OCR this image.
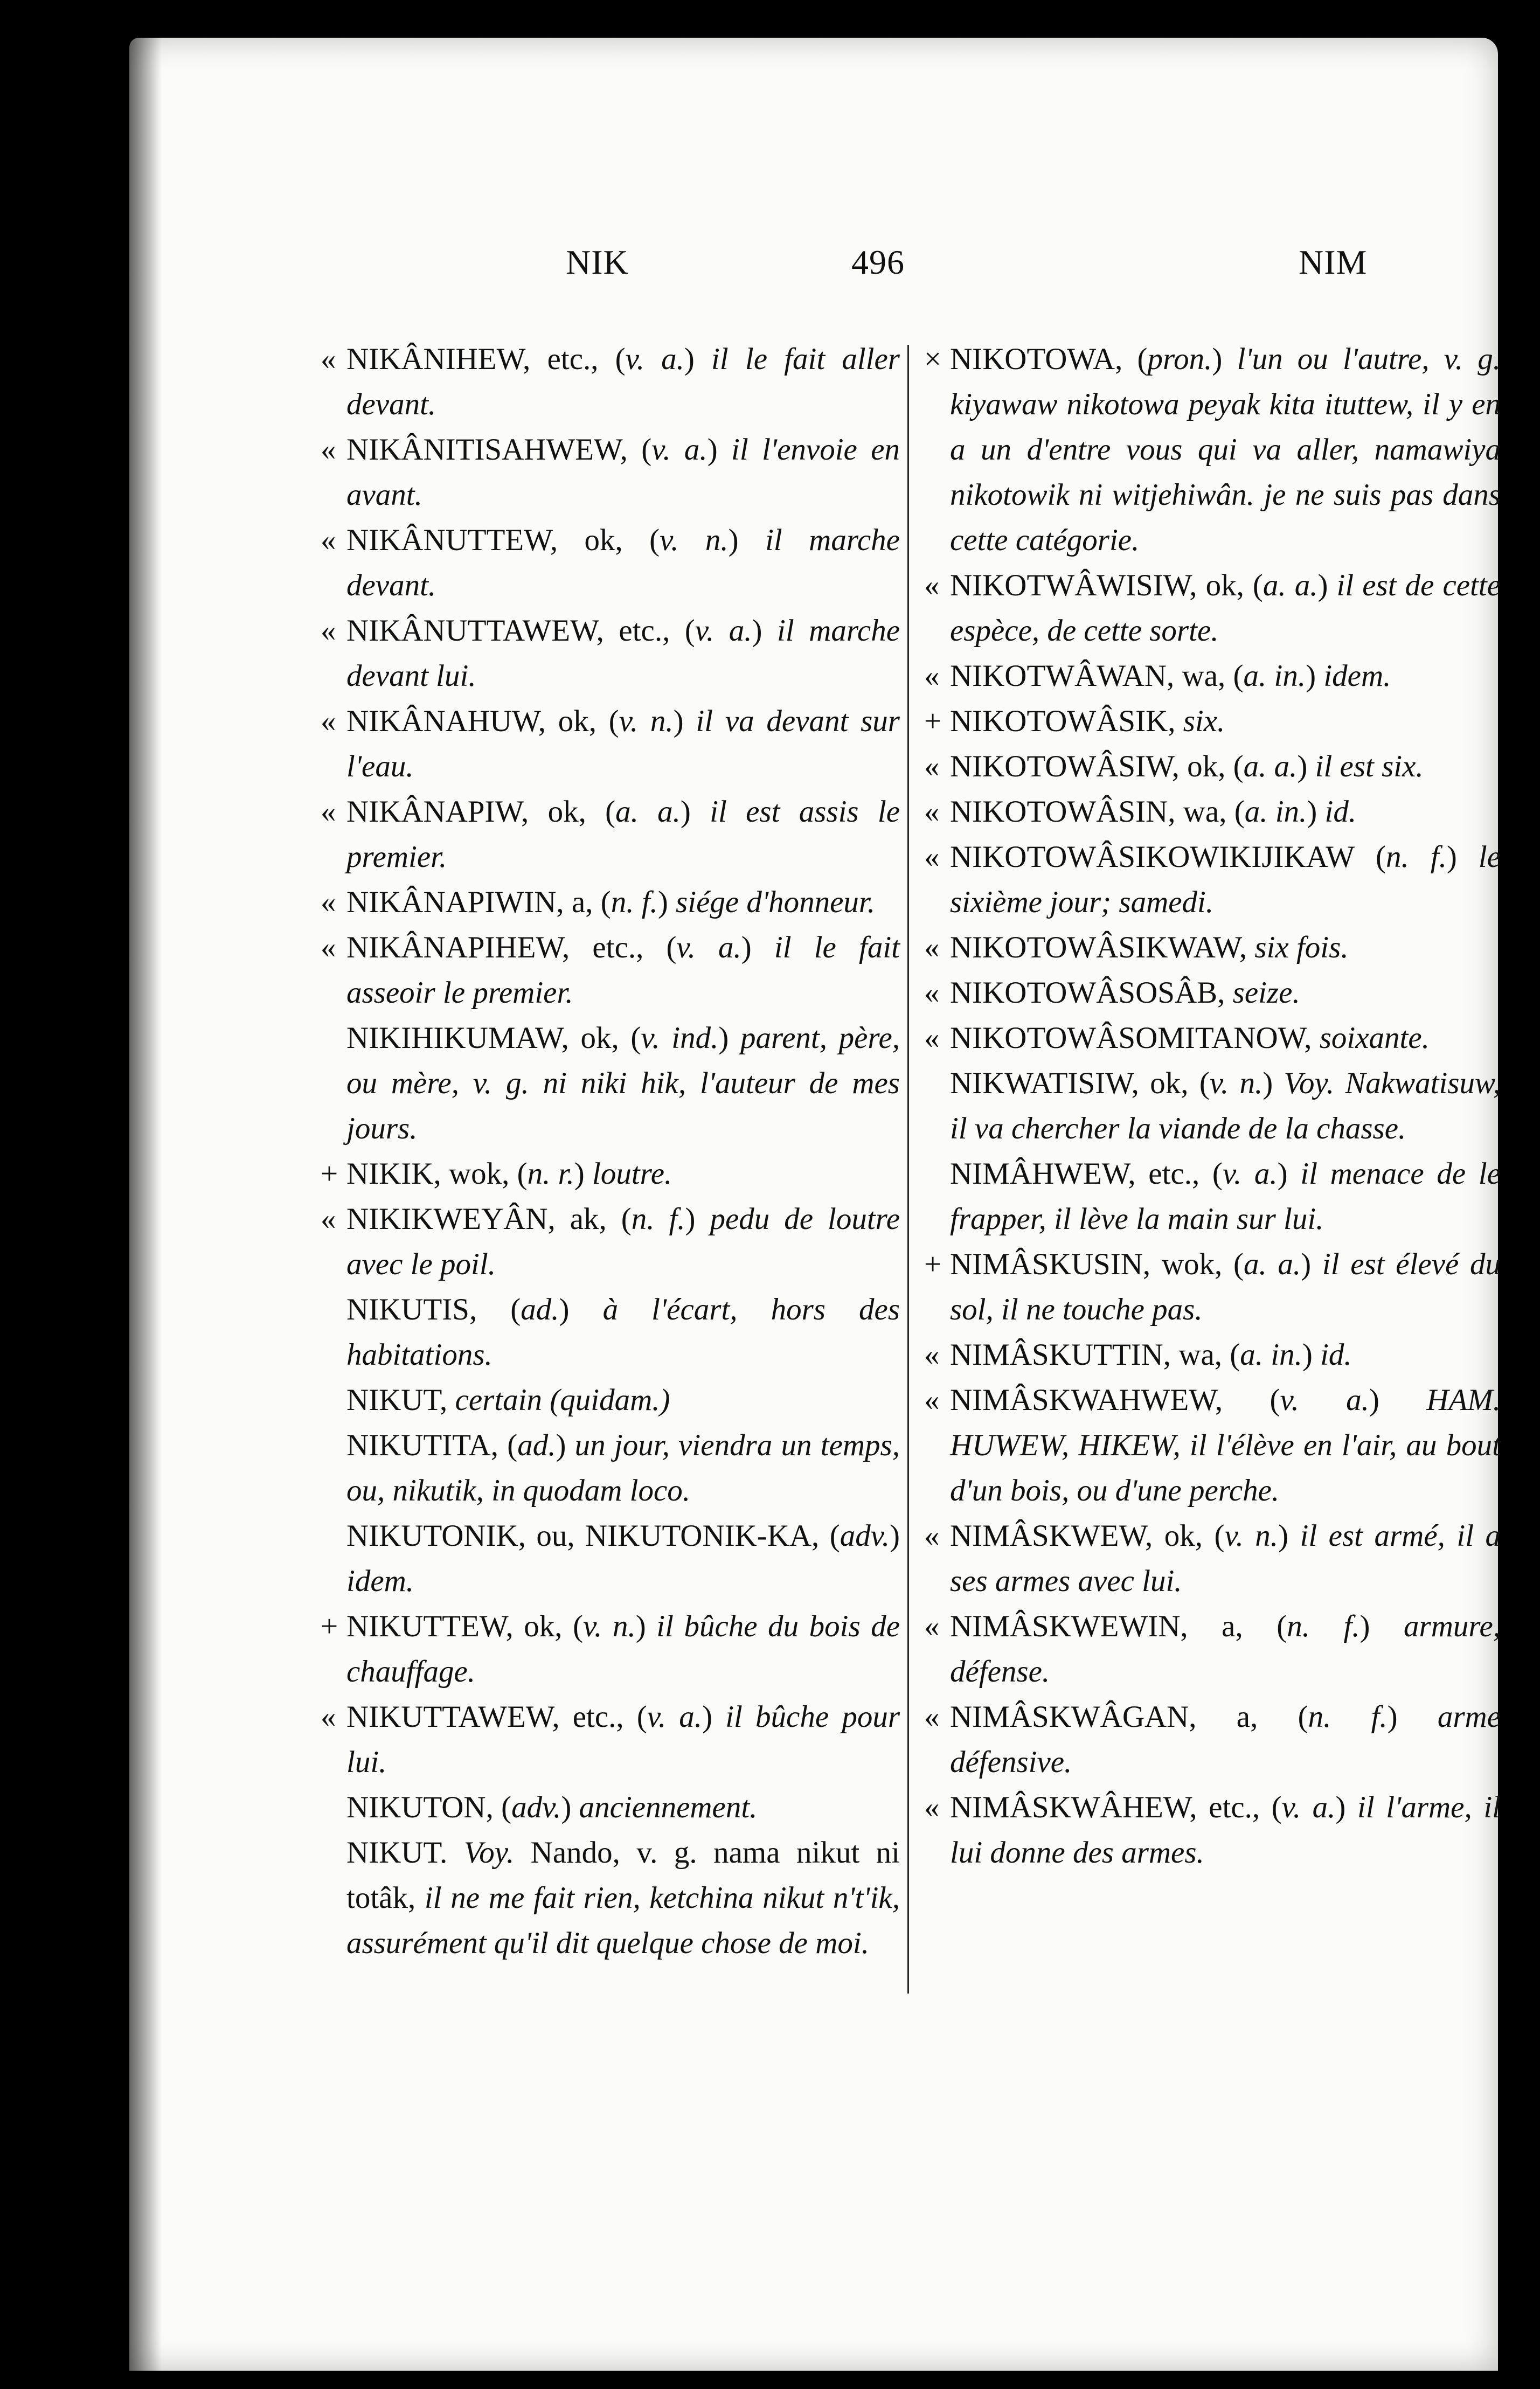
NIK	496	NIM

« NIKÂNIHEW, etc., (v. a.) il le fait aller devant.

« NIKÂNITISAHWEW, (v. a.) il l'envoie en avant.

« NIKÂNUTTEW, ok, (v. n.) il marche devant.

« NIKÂNUTTAWEW, etc., (v. a.) il marche devant lui.

« NIKÂNAHUW, ok, (v. n.) il va devant sur l'eau.

« NIKÂNAPIW, ok, (a. a.) il est assis le premier.

« NIKÂNAPIWIN, a, (n. f.) siége d'honneur.

« NIKÂNAPIHEW, etc., (v. a.) il le fait asseoir le premier.

NIKIHIKUMAW, ok, (v. ind.) parent, père, ou mère, v. g. ni niki hik, l'auteur de mes jours.

+ NIKIK, wok, (n. r.) loutre.

« NIKIKWEYÂN, ak, (n. f.) pedu de loutre avec le poil.

NIKUTIS, (ad.) à l'écart, hors des habitations.

NIKUT, certain (quidam.)

NIKUTITA, (ad.) un jour, viendra un temps, ou, nikutik, in quodam loco.

NIKUTONIK, ou, NIKUTONIK-KA, (adv.) idem.

+ NIKUTTEW, ok, (v. n.) il bûche du bois de chauffage.

« NIKUTTAWEW, etc., (v. a.) il bûche pour lui.

NIKUTON, (adv.) anciennement.

NIKUT. Voy. Nando, v. g. nama nikut ni totâk, il ne me fait rien, ketchina nikut n't'ik, assurément qu'il dit quelque chose de moi.

× NIKOTOWA, (pron.) l'un ou l'autre, v. g. kiyawaw nikotowa peyak kita ituttew, il y en a un d'entre vous qui va aller, namawiya nikotowik ni witjehiwân. je ne suis pas dans cette catégorie.

« NIKOTWÂWISIW, ok, (a. a.) il est de cette espèce, de cette sorte.

« NIKOTWÂWAN, wa, (a. in.) idem.

+ NIKOTOWÂSIK, six.

« NIKOTOWÂSIW, ok, (a. a.) il est six.

« NIKOTOWÂSIN, wa, (a. in.) id.

« NIKOTOWÂSIKOWIKIJIKAW (n. f.) le sixième jour; samedi.

« NIKOTOWÂSIKWAW, six fois.

« NIKOTOWÂSOSÂB, seize.

« NIKOTOWÂSOMITANOW, soixante.

NIKWATISIW, ok, (v. n.) Voy. Nakwatisuw, il va chercher la viande de la chasse.

NIMÂHWEW, etc., (v. a.) il menace de le frapper, il lève la main sur lui.

+ NIMÂSKUSIN, wok, (a. a.) il est élevé du sol, il ne touche pas.

« NIMÂSKUTTIN, wa, (a. in.) id.

« NIMÂSKWAHWEW, (v. a.) HAM. HUWEW, HIKEW, il l'élève en l'air, au bout d'un bois, ou d'une perche.

« NIMÂSKWEW, ok, (v. n.) il est armé, il a ses armes avec lui.

« NIMÂSKWEWIN, a, (n. f.) armure, défense.

« NIMÂSKWÂGAN, a, (n. f.) arme défensive.

« NIMÂSKWÂHEW, etc., (v. a.) il l'arme, il lui donne des armes.
